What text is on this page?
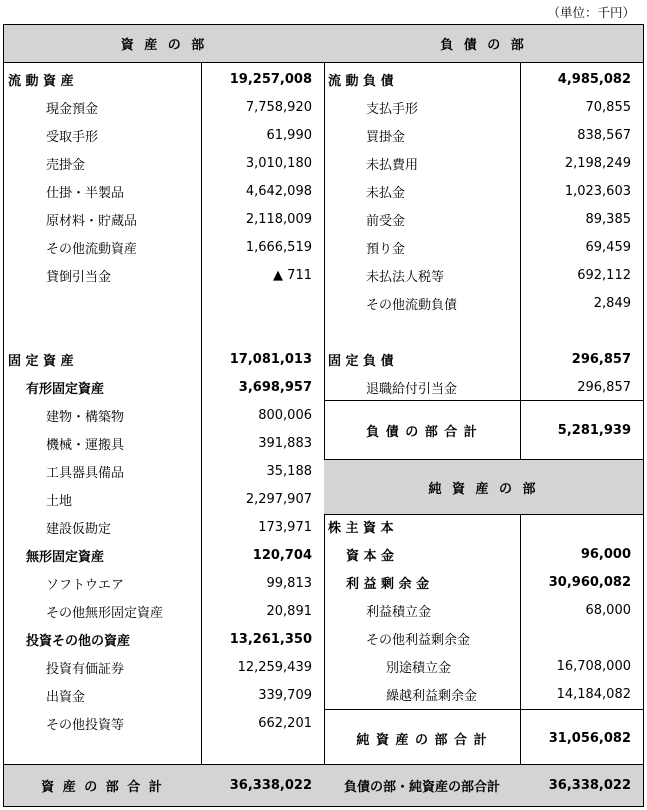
（単位：千円）
資 産 の 部
流 動 資 産	19,257,008
現金預金	7,758,920
受取手形	61,990
売掛金	3,010,180
仕掛・半製品	4,642,098
原材料・貯蔵品	2,118,009
その他流動資産	1,666,519
貸倒引当金	▲ 711
固 定 資 産	17,081,013
有形固定資産	3,698,957
建物・構築物	800,006
機械・運搬具	391,883
工具器具備品	35,188
土地	2,297,907
建設仮勘定	173,971
無形固定資産	120,704
ソフトウエア	99,813
その他無形固定資産	20,891
投資その他の資産	13,261,350
投資有価証券	12,259,439
出資金	339,709
その他投資等	662,201
資 産 の 部 合 計	36,338,022
負 債 の 部
流 動 負 債	4,985,082
支払手形	70,855
買掛金	838,567
未払費用	2,198,249
未払金	1,023,603
前受金	89,385
預り金	69,459
未払法人税等	692,112
その他流動負債	2,849
固 定 負 債	296,857
退職給付引当金	296,857
負 債 の 部 合 計	5,281,939
純 資 産 の 部
株 主 資 本
資 本 金	96,000
利 益 剰 余 金	30,960,082
利益積立金	68,000
その他利益剰余金
別途積立金	16,708,000
繰越利益剰余金	14,184,082
純 資 産 の 部 合 計	31,056,082
負債の部・純資産の部合計	36,338,022
